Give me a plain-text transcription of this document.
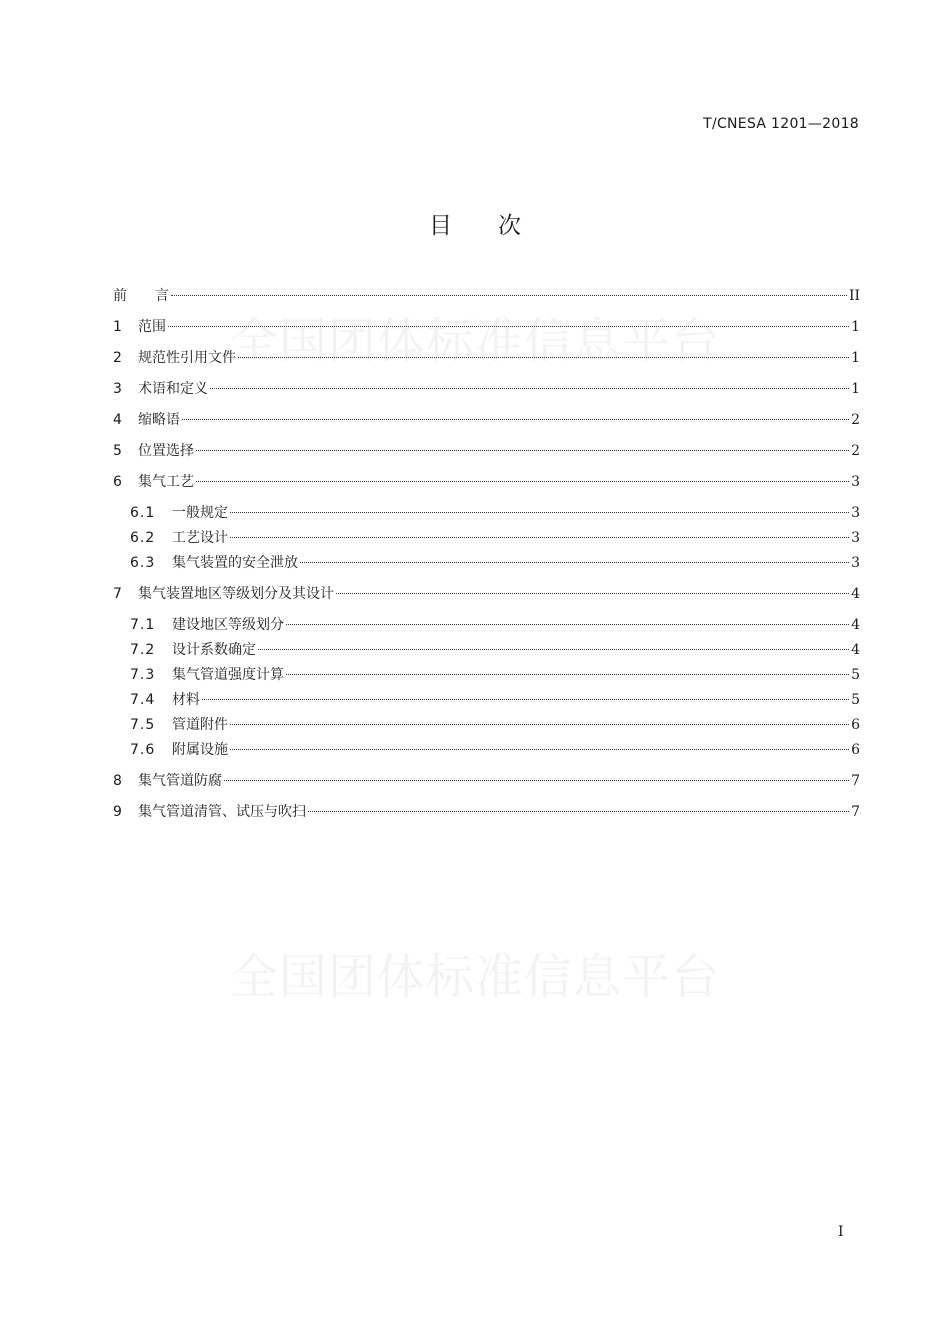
T/CNESA 1201—2018
目　　次
全国团体标准信息平台
全国团体标准信息平台
前　　言	II
1	范围	1
2	规范性引用文件	1
3	术语和定义	1
4	缩略语	2
5	位置选择	2
6	集气工艺	3
6.1	一般规定	3
6.2	工艺设计	3
6.3	集气装置的安全泄放	3
7	集气装置地区等级划分及其设计	4
7.1	建设地区等级划分	4
7.2	设计系数确定	4
7.3	集气管道强度计算	5
7.4	材料	5
7.5	管道附件	6
7.6	附属设施	6
8	集气管道防腐	7
9	集气管道清管、试压与吹扫	7
I
